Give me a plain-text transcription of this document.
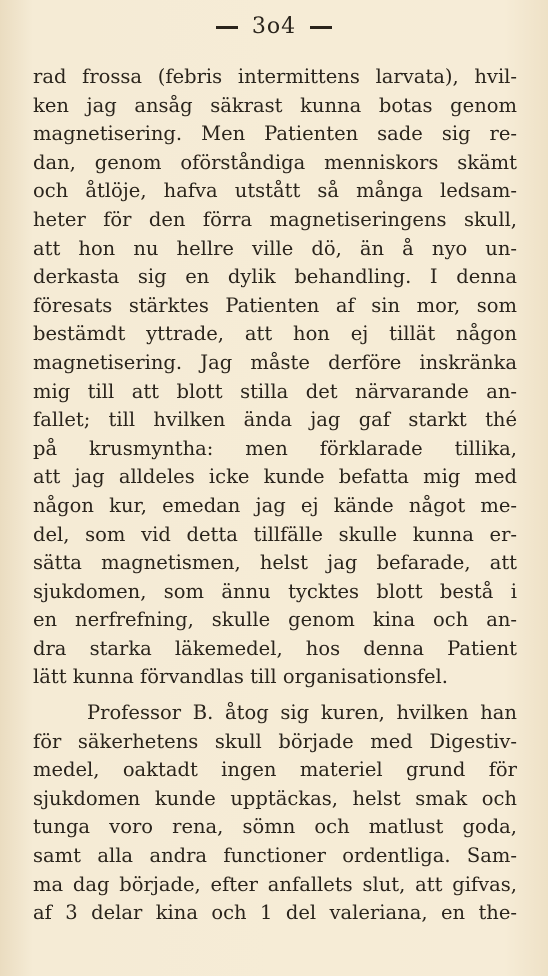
3o4
rad frossa (febris intermittens larvata), hvil-
ken jag ansåg säkrast kunna botas genom
magnetisering. Men Patienten sade sig re-
dan, genom oförståndiga menniskors skämt
och åtlöje, hafva utstått så många ledsam-
heter för den förra magnetiseringens skull,
att hon nu hellre ville dö, än å nyo un-
derkasta sig en dylik behandling. I denna
föresats stärktes Patienten af sin mor, som
bestämdt yttrade, att hon ej tillät någon
magnetisering. Jag måste derföre inskränka
mig till att blott stilla det närvarande an-
fallet; till hvilken ända jag gaf starkt thé
på krusmyntha: men förklarade tillika,
att jag alldeles icke kunde befatta mig med
någon kur, emedan jag ej kände något me-
del, som vid detta tillfälle skulle kunna er-
sätta magnetismen, helst jag befarade, att
sjukdomen, som ännu tycktes blott bestå i
en nerfrefning, skulle genom kina och an-
dra starka läkemedel, hos denna Patient
lätt kunna förvandlas till organisationsfel.
Professor B. åtog sig kuren, hvilken han
för säkerhetens skull började med Digestiv-
medel, oaktadt ingen materiel grund för
sjukdomen kunde upptäckas, helst smak och
tunga voro rena, sömn och matlust goda,
samt alla andra functioner ordentliga. Sam-
ma dag började, efter anfallets slut, att gifvas,
af 3 delar kina och 1 del valeriana, en the-
